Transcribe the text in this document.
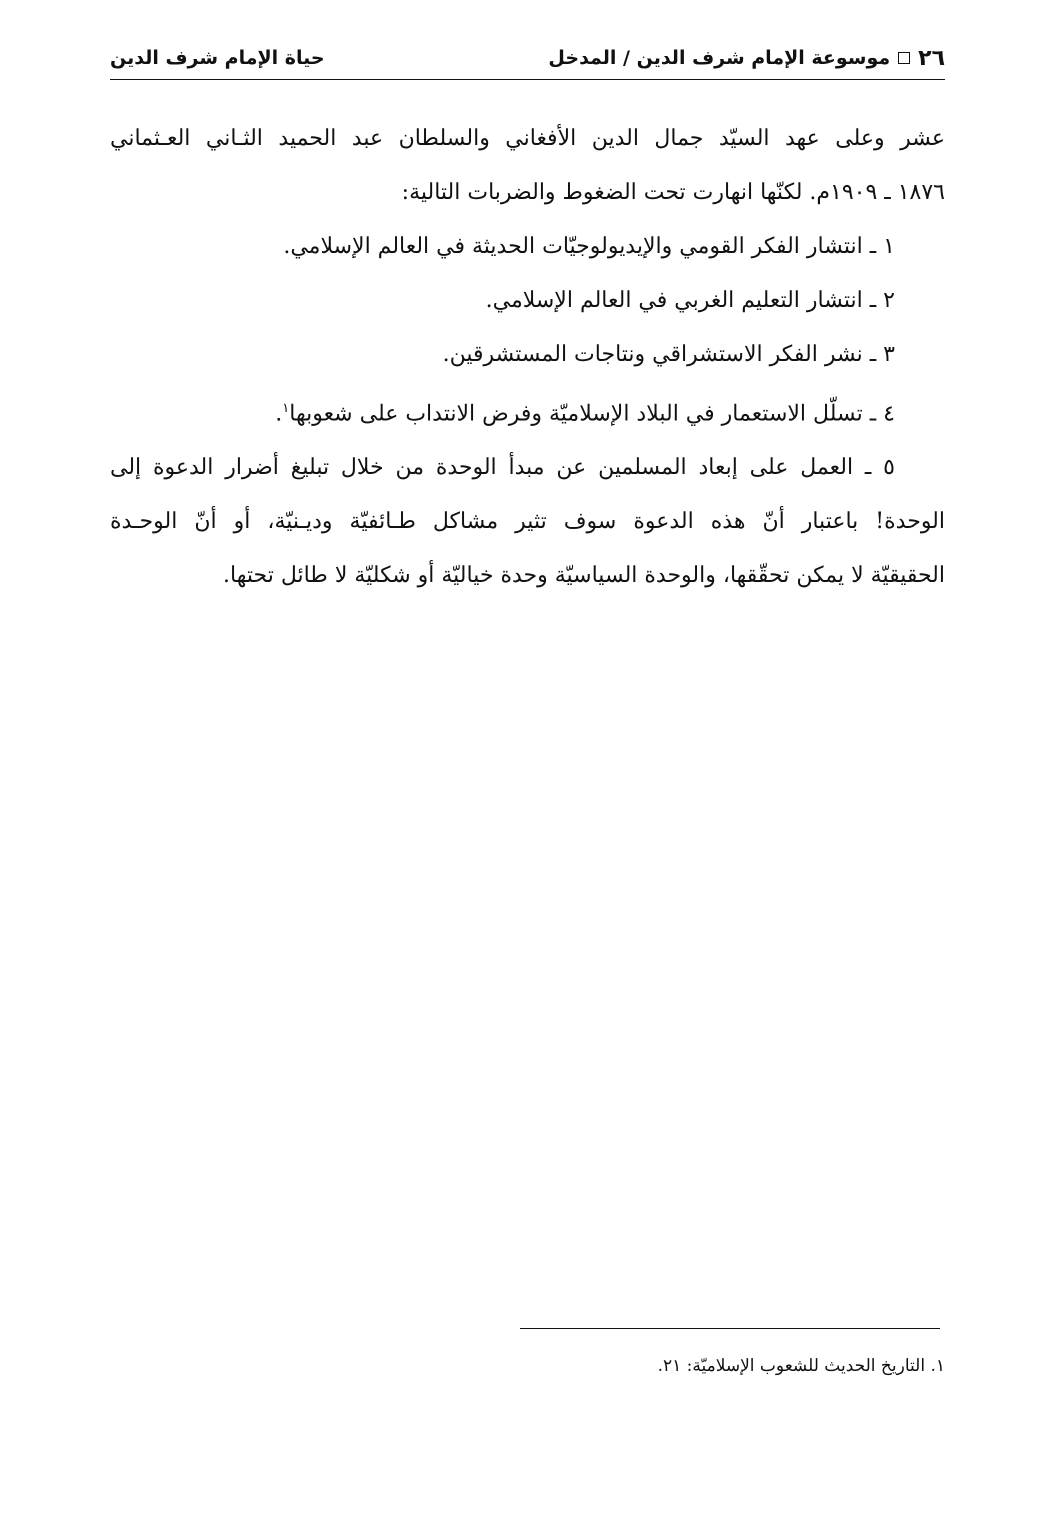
٢٦
موسوعة الإمام شرف الدين / المدخل
حياة الإمام شرف الدين

عشر وعلى عهد السيّد جمال الدين الأفغاني والسلطان عبد الحميد الثـاني العـثماني

١٨٧٦ ـ ١٩٠٩م. لكنّها انهارت تحت الضغوط والضربات التالية:

١ ـ انتشار الفكر القومي والإيديولوجيّات الحديثة في العالم الإسلامي.

٢ ـ انتشار التعليم الغربي في العالم الإسلامي.

٣ ـ نشر الفكر الاستشراقي ونتاجات المستشرقين.

٤ ـ تسلّل الاستعمار في البلاد الإسلاميّة وفرض الانتداب على شعوبها$^١$.

٥ ـ العمل على إبعاد المسلمين عن مبدأ الوحدة من خلال تبليغ أضرار الدعوة إلى

الوحدة! باعتبار أنّ هذه الدعوة سوف تثير مشاكل طـائفيّة وديـنيّة، أو أنّ الوحـدة

الحقيقيّة لا يمكن تحقّقها، والوحدة السياسيّة وحدة خياليّة أو شكليّة لا طائل تحتها.

١. التاريخ الحديث للشعوب الإسلاميّة: ٢١.
